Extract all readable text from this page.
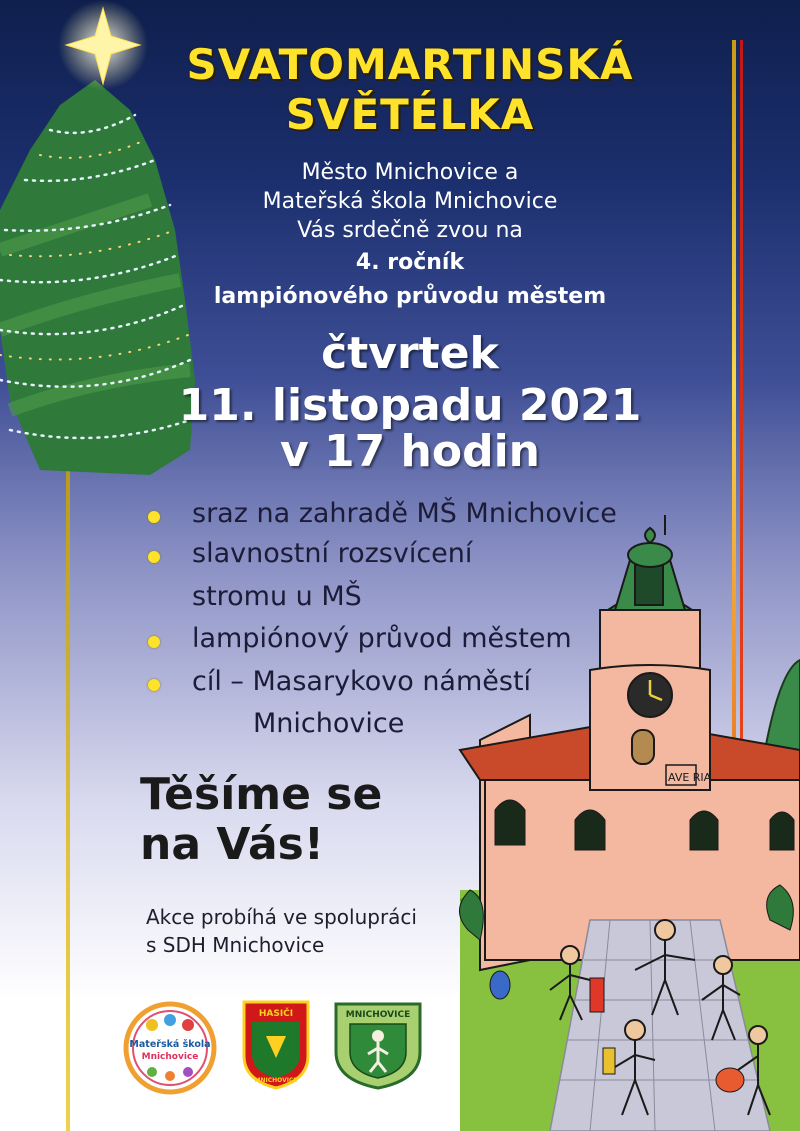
SVATOMARTINSKÁ
SVĚTÉLKA
Město Mnichovice a
Mateřská škola Mnichovice
Vás srdečně zvou na
4. ročník
lampiónového průvodu městem
čtvrtek
11. listopadu 2021
v 17 hodin
AVE RIA
sraz na zahradě MŠ Mnichovice
slavnostní rozsvícení
stromu u MŠ
lampiónový průvod městem
cíl – Masarykovo náměstí
Mnichovice
Těšíme se
na Vás!
Akce probíhá ve spolupráci
s SDH Mnichovice
Mateřská škola
Mnichovice
HASIČI
MNICHOVICE
MNICHOVICE
